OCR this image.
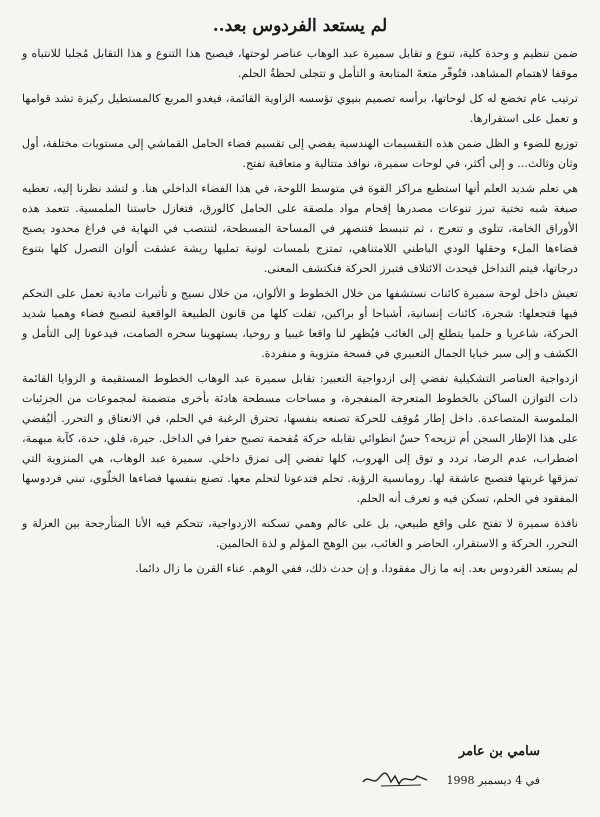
لم يستعد الفردوس بعد..

ضمن تنظيم و وحدة كلية، تنوع و تقابل سميرة عبد الوهاب عناصر لوحتها، فيصبح هذا التنوع و هذا التقابل مُجلبا للانتباه و موقفا لاهتمام المشاهد، فتُوفّر متعةَ المتابعة و التأمل و تتجلى لحظةُ الحلم.

ترتيب عام تخضع له كل لوحاتها، برأسه تصميم بنيوي تؤسسه الزاوية القائمة، فيغدو المربع كالمستطيل ركيزة تشد قوامها و تعمل على استقرارها.

توزيع للضوء و الظل ضمن هذه التقسيمات الهندسية يفضي إلى تقسيم فضاء الحامل القماشي إلى مستويات مختلفة، أول وثان وثالث... و إلى أكثر، في لوحات سميرة، نوافذ متتالية و متعاقبة تفتح.

هي تعلم شديد العلم أنها استطبع مراكز القوة في متوسط اللوحة، في هذا الفضاء الداخلي هنا. و لتشد نظرنا إليه، تعطيه صبغة شبه تختية تبرز تنوعات مصدرها إقحام مواد ملصقة على الحامل كالورق، فتغازل حاستنا الملمسية. تتعمد هذه الأوراق الخامة، تتلوى و تتعرج ، ثم تنبسط فتنصهر في المساحة المسطحة، لتنتصب في النهاية في فراغ محدود يصبح فضاءها الملء وحقلها الودي الباطني اللامتناهي، تمتزج بلمسات لونية تمليها ريشة عشقت ألوان التصرل كلها بتنوع درجاتها، فيتم التداخل فيحدث الائتلاف فتبرز الحركة فنكتشف المعنى.

تعيش داخل لوحة سميرة كائنات نستشفها من خلال الخطوط و الألوان، من خلال نسيج و تأثيرات مادية تعمل على التحكم فيها فتجعلها: شجرة، كائنات إنسانية، أشباحا أو براكين، تفلت كلها من قانون الطبيعة الواقعية لتصبح فضاء وهميا شديد الحركة، شاعريا و حلميا يتطلع إلى الغائب فيُظهر لنا واقعا غيبيا و روحيا، يستهوينا سحره الصامت، فيدعونا إلى التأمل و الكشف و إلى سبر خبايا الجمال التعبيري في فسحة متزوية و منفردة.

ازدواجية العناصر التشكيلية تفضي إلى ازدواجية التعبير: تقابل سميرة عبد الوهاب الخطوط المستقيمة و الزوايا القائمة ذات التوازن الساكن بالخطوط المتعرجة المنفجرة، و مساحات مسطحة هادئة بأخرى متضمنة لمجموعات من الجزئيات الملموسة المتصاعدة. داخل إطار مُوقِف للحركة تصنعه بنفسها، تحترق الرغبة في الحلم، في الانعتاق و التحرر. أليُفضي على هذا الإطار السجن أم تزيحه؟ حسٌ انطوائي تقابله حركة مُفحمة تصبح حفرا في الداخل. حيرة، قلق، حدة، كآبة مبهمة، اضطراب، عدم الرضا، تردد و توق إلى الهروب، كلها تفضي إلى تمزق داخلي. سميرة عبد الوهاب، هي المنزوية التي تمزقها غربتها فتصبح عاشقة لها. رومانسية الرؤية. تحلم فتدعونا لتحلم معها. تصنع بنفسها فضاءها الخلّوي، تبني فردوسها المفقود في الحلم، تسكن فيه و تعرف أنه الحلم.

نافذة سميرة لا تفتح على واقع طبيعي، بل على عالم وهمي تسكنه الازدواجية، تتحكم فيه الأنا المتأرجحة بين العزلة و التحرر، الحركة و الاستقرار، الحاضر و الغائب، بين الوهج المؤلم و لذة الحالمين.

لم يستعد الفردوس بعد. إنه ما زال مفقودا. و إن حدث ذلك، ففي الوهم. عناء القرن ما زال دائما.

سامي بن عامر
في 4 ديسمبر 1998
